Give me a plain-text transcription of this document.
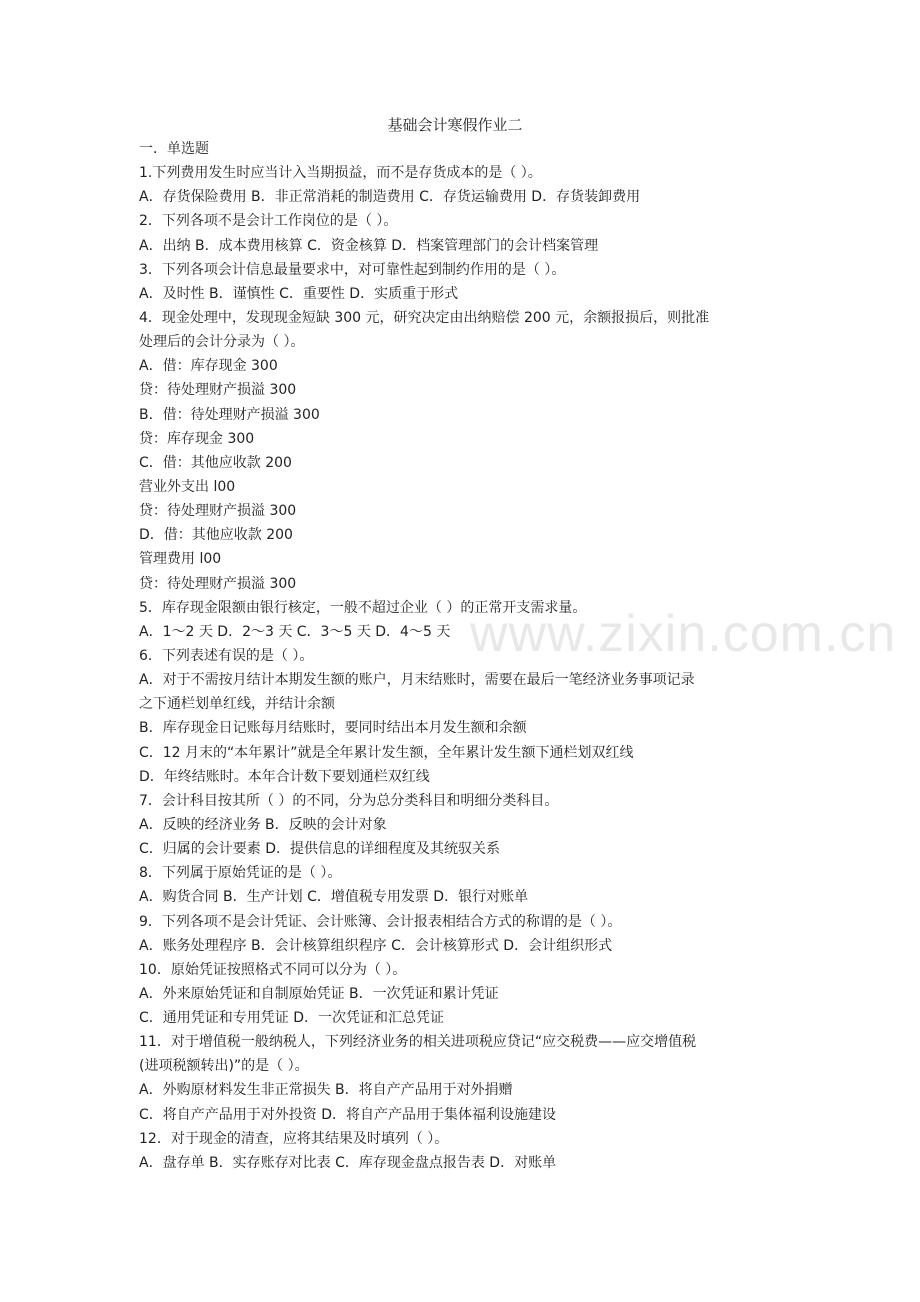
基础会计寒假作业二
一．单选题
1.下列费用发生时应当计入当期损益，而不是存货成本的是（ ）。
A．存货保险费用 B．非正常消耗的制造费用 C．存货运输费用 D．存货装卸费用
2．下列各项不是会计工作岗位的是（ ）。
A．出纳 B．成本费用核算 C．资金核算 D．档案管理部门的会计档案管理
3．下列各项会计信息最量要求中，对可靠性起到制约作用的是（ ）。
A．及时性 B．谨慎性 C．重要性 D．实质重于形式
4．现金处理中，发现现金短缺 300 元，研究决定由出纳赔偿 200 元，余额报损后，则批准
处理后的会计分录为（ ）。
A．借：库存现金 300
贷：待处理财产损溢 300
B．借：待处理财产损溢 300
贷：库存现金 300
C．借：其他应收款 200
营业外支出 l00
贷：待处理财产损溢 300
D．借：其他应收款 200
管理费用 l00
贷：待处理财产损溢 300
5．库存现金限额由银行核定，一般不超过企业（ ）的正常开支需求量。
A．1～2 天 D．2～3 天 C．3～5 天 D．4～5 天
6．下列表述有误的是（ ）。
A．对于不需按月结计本期发生额的账户，月末结账时，需要在最后一笔经济业务事项记录
之下通栏划单红线，并结计余额
B．库存现金日记账每月结账时，要同时结出本月发生额和余额
C．12 月末的“本年累计”就是全年累计发生额，全年累计发生额下通栏划双红线
D．年终结账时。本年合计数下要划通栏双红线
7．会计科目按其所（ ）的不同，分为总分类科目和明细分类科目。
A．反映的经济业务 B．反映的会计对象
C．归属的会计要素 D．提供信息的详细程度及其统驭关系
8．下列属于原始凭证的是（ ）。
A．购货合同 B．生产计划 C．增值税专用发票 D．银行对账单
9．下列各项不是会计凭证、会计账簿、会计报表相结合方式的称谓的是（ ）。
A．账务处理程序 B．会计核算组织程序 C．会计核算形式 D．会计组织形式
10．原始凭证按照格式不同可以分为（ ）。
A．外来原始凭证和自制原始凭证 B．一次凭证和累计凭证
C．通用凭证和专用凭证 D．一次凭证和汇总凭证
11．对于增值税一般纳税人，下列经济业务的相关进项税应贷记“应交税费——应交增值税
(进项税额转出)”的是（ ）。
A．外购原材料发生非正常损失 B．将自产产品用于对外捐赠
C．将自产产品用于对外投资 D．将自产产品用于集体福利设施建设
12．对于现金的清查，应将其结果及时填列（ ）。
A．盘存单 B．实存账存对比表 C．库存现金盘点报告表 D．对账单
www.zixin.com.cn
